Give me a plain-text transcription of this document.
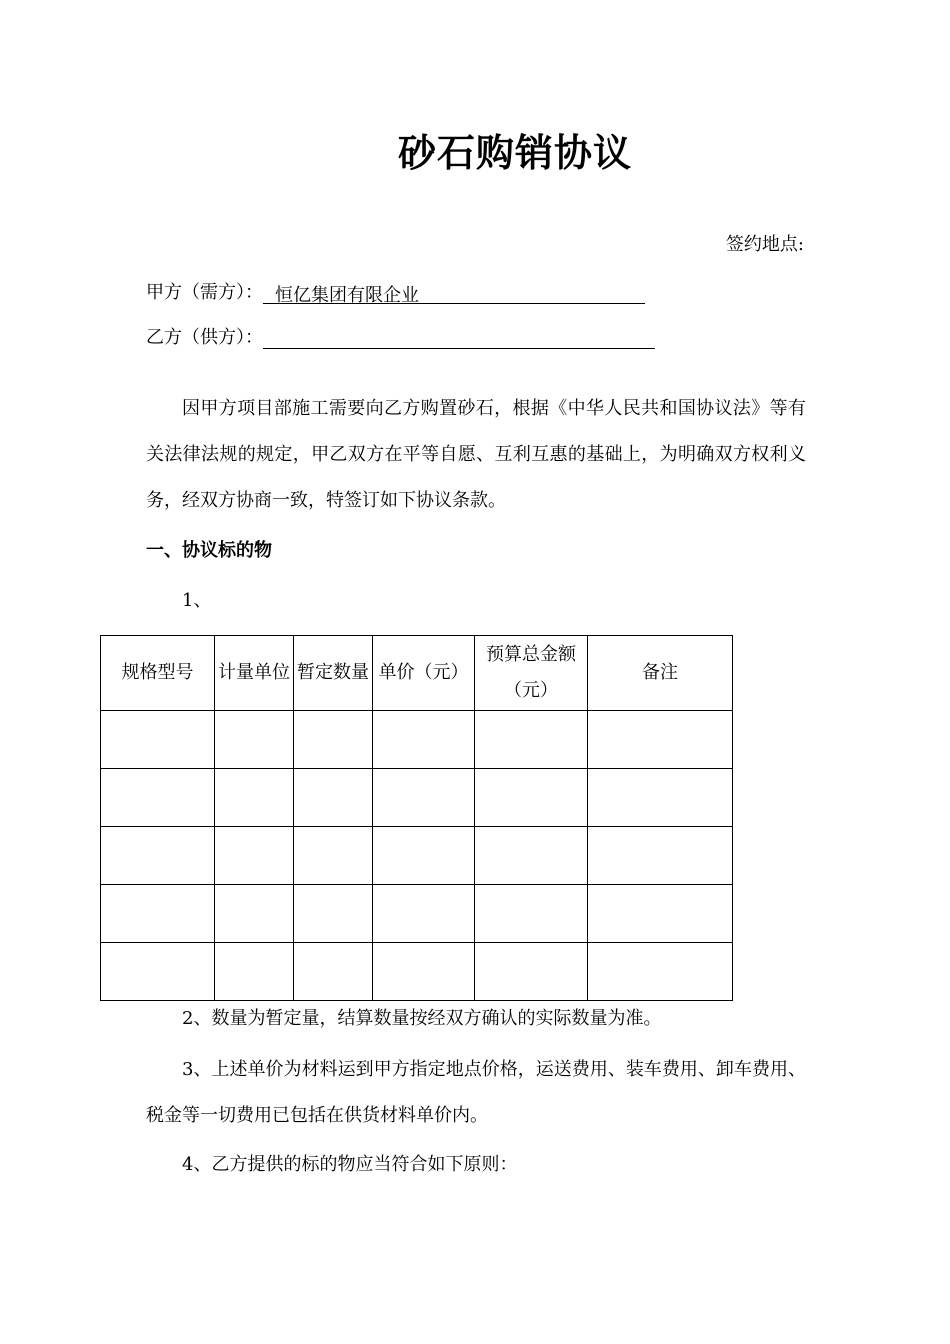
砂石购销协议
签约地点:
甲方（需方）： 恒亿集团有限企业
乙方（供方）：
因甲方项目部施工需要向乙方购置砂石，根据《中华人民共和国协议法》等有关法律法规的规定，甲乙双方在平等自愿、互利互惠的基础上，为明确双方权利义务，经双方协商一致，特签订如下协议条款。
一、协议标的物
1、
规格型号	计量单位	暂定数量	单价（元）	预算总金额（元）	备注

2、数量为暂定量，结算数量按经双方确认的实际数量为准。
3、上述单价为材料运到甲方指定地点价格，运送费用、装车费用、卸车费用、税金等一切费用已包括在供货材料单价内。
4、乙方提供的标的物应当符合如下原则：
